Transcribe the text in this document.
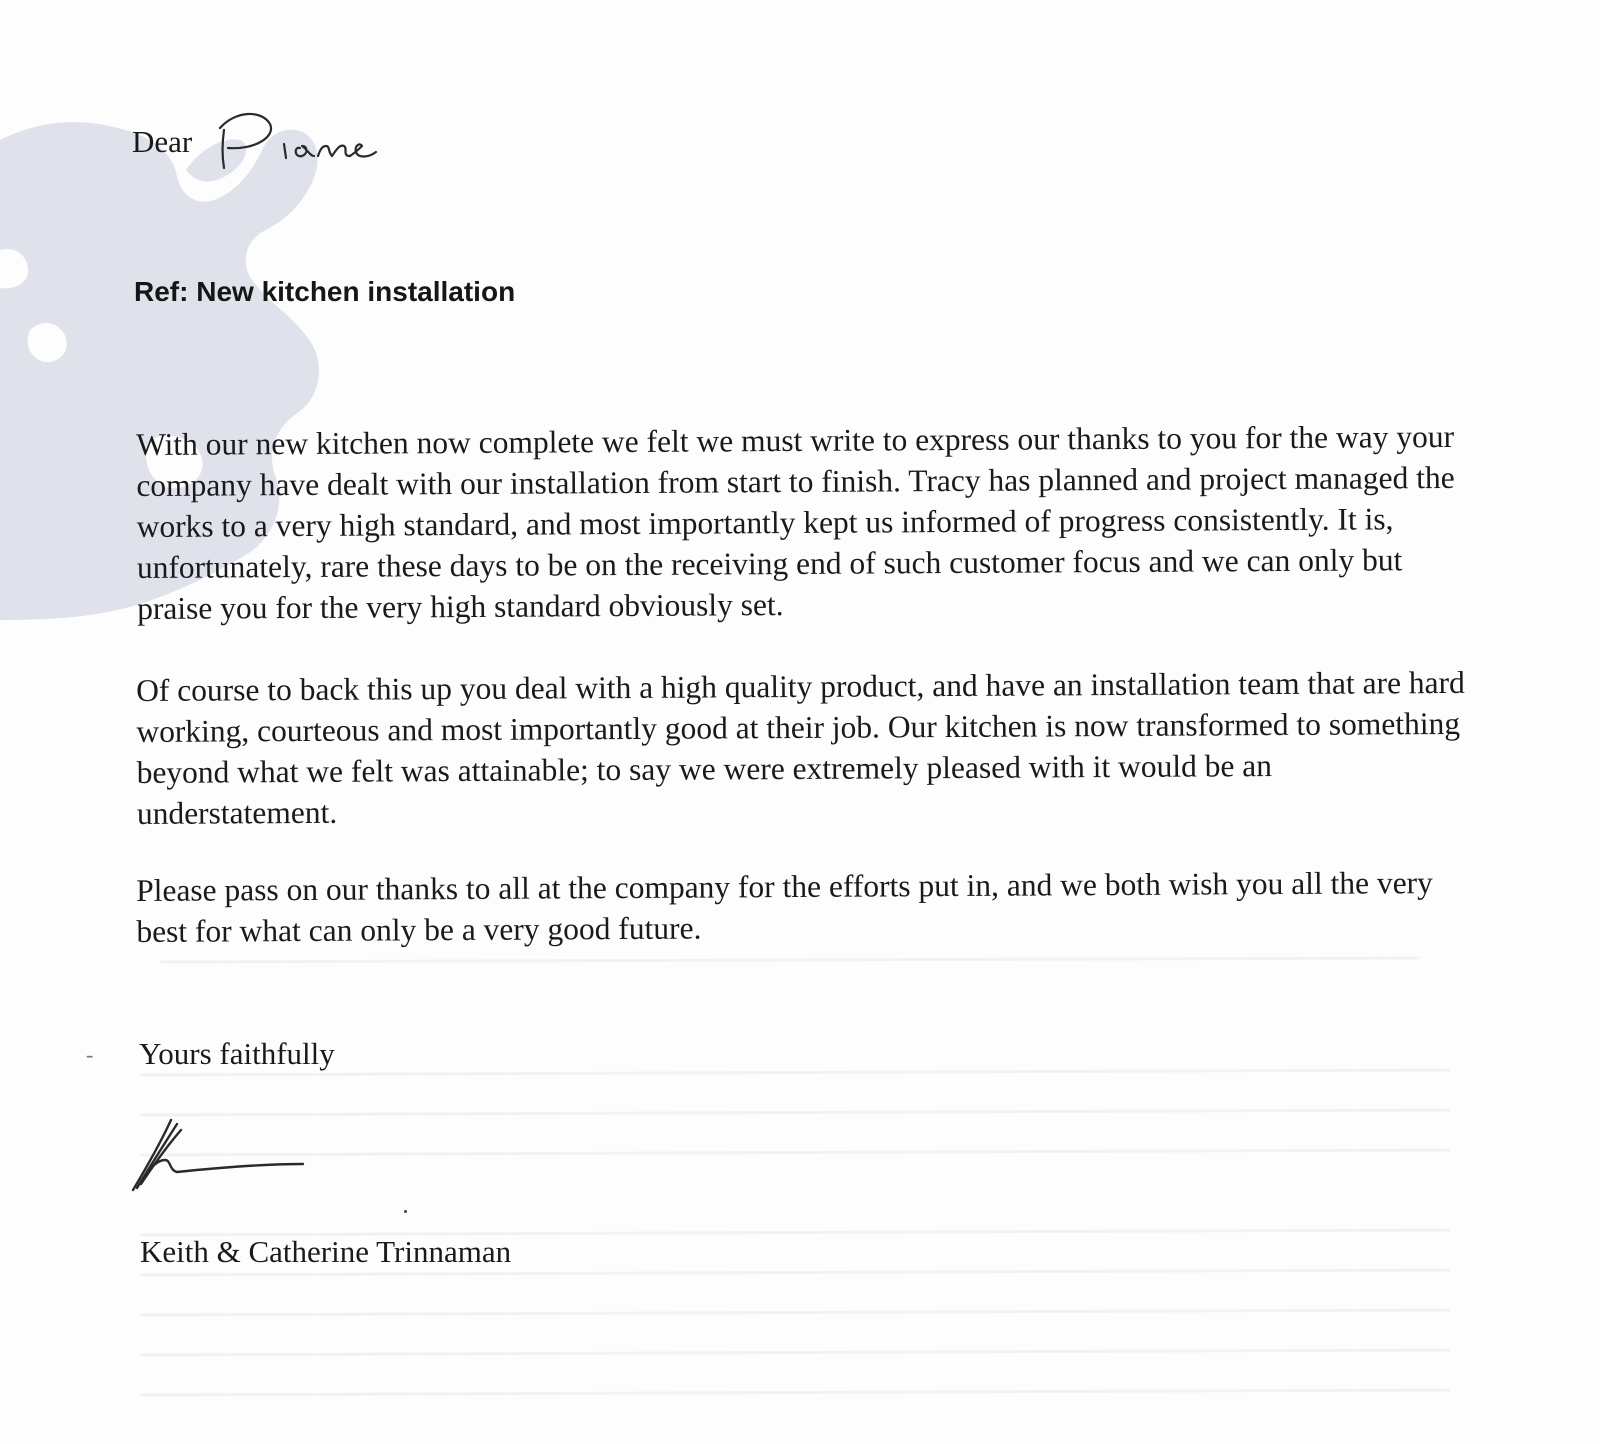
Dear
Diane
Ref: New kitchen installation
With our new kitchen now complete we felt we must write to express our thanks to you for the way your company have dealt with our installation from start to finish. Tracy has planned and project managed the works to a very high standard, and most importantly kept us informed of progress consistently. It is, unfortunately, rare these days to be on the receiving end of such customer focus and we can only but praise you for the very high standard obviously set.
Of course to back this up you deal with a high quality product, and have an installation team that are hard working, courteous and most importantly good at their job. Our kitchen is now transformed to something beyond what we felt was attainable; to say we were extremely pleased with it would be an understatement.
Please pass on our thanks to all at the company for the efforts put in, and we both wish you all the very best for what can only be a very good future.
- Yours faithfully
Keith & Catherine Trinnaman
